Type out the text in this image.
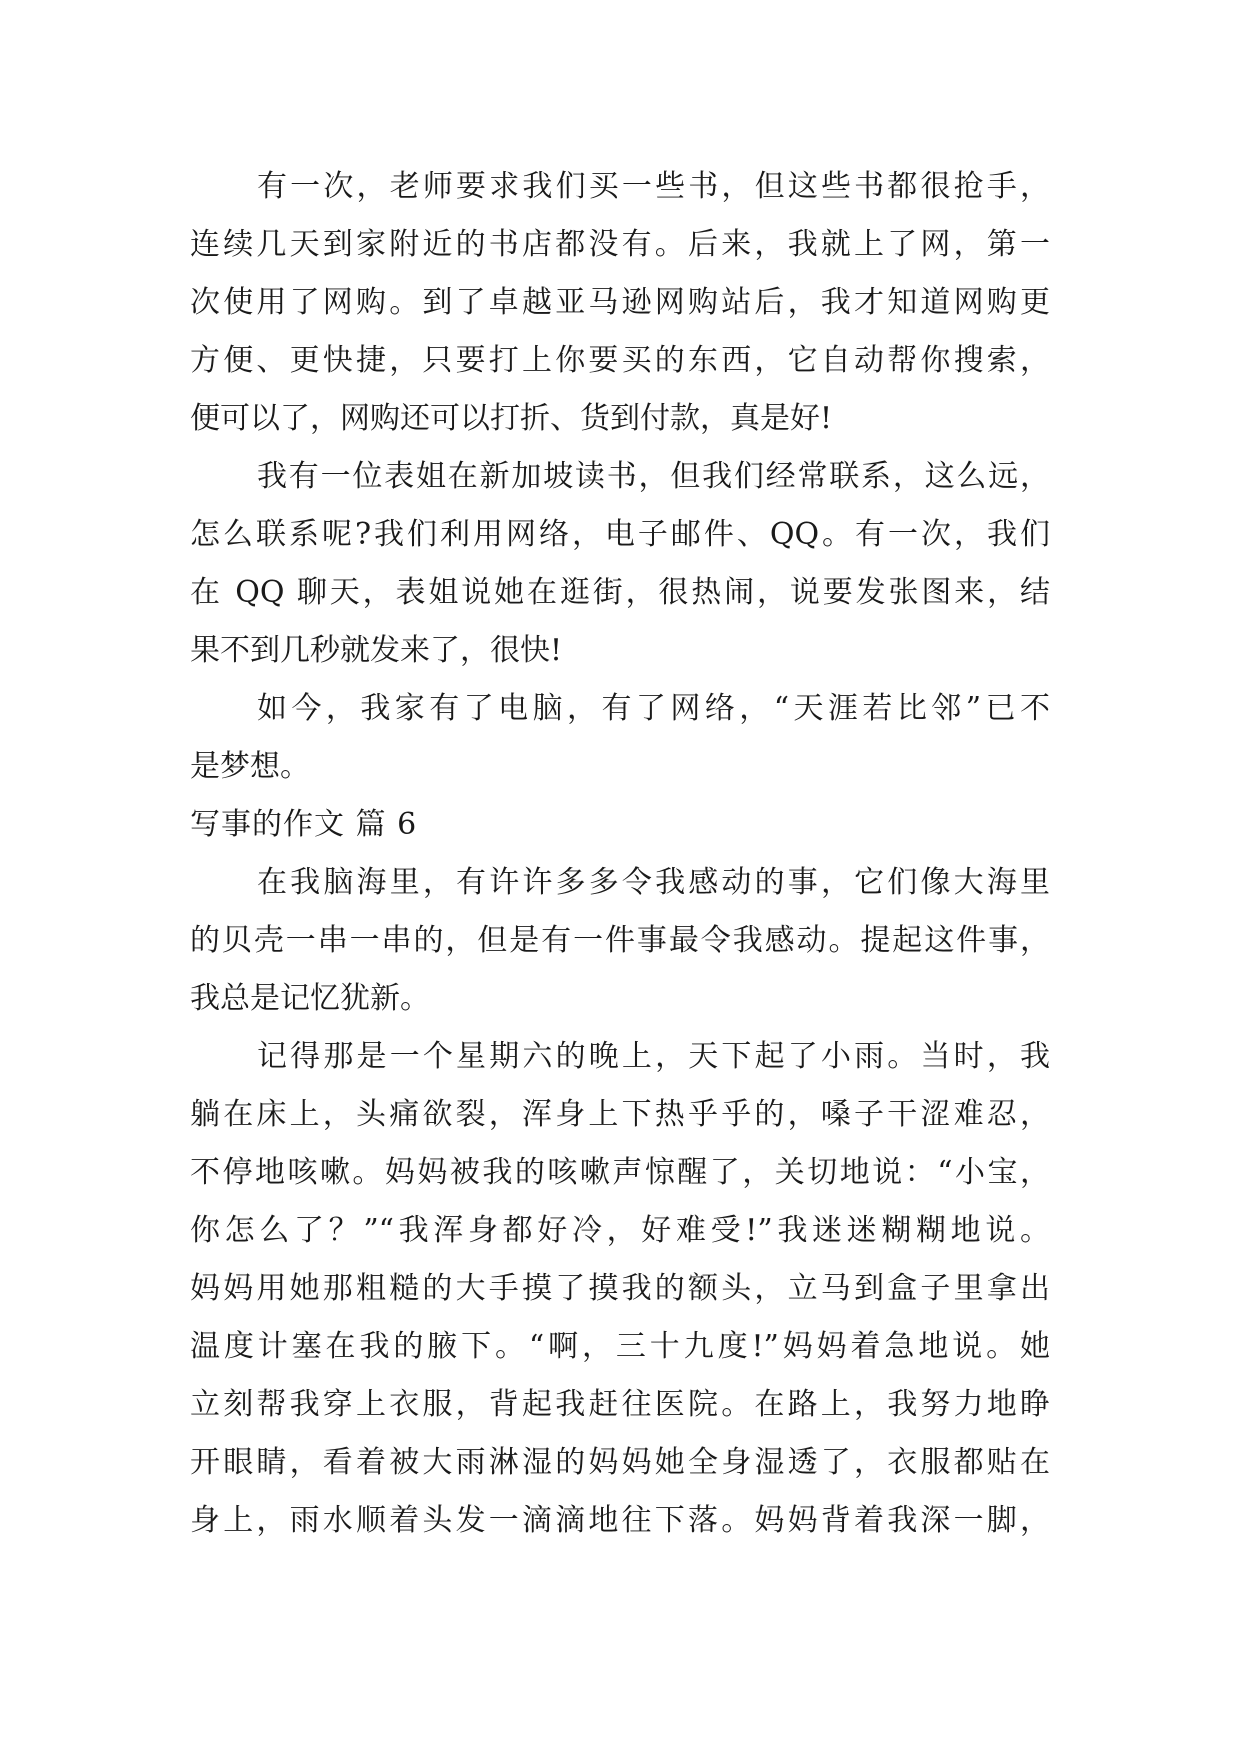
有一次，老师要求我们买一些书，但这些书都很抢手，
连续几天到家附近的书店都没有。后来，我就上了网，第一
次使用了网购。到了卓越亚马逊网购站后，我才知道网购更
方便、更快捷，只要打上你要买的东西，它自动帮你搜索，
便可以了，网购还可以打折、货到付款，真是好!
我有一位表姐在新加坡读书，但我们经常联系，这么远，
怎么联系呢?我们利用网络，电子邮件、QQ。有一次，我们
在 QQ 聊天，表姐说她在逛街，很热闹，说要发张图来，结
果不到几秒就发来了，很快!
如今，我家有了电脑，有了网络，“天涯若比邻”已不
是梦想。
写事的作文 篇 6
在我脑海里，有许许多多令我感动的事，它们像大海里
的贝壳一串一串的，但是有一件事最令我感动。提起这件事，
我总是记忆犹新。
记得那是一个星期六的晚上，天下起了小雨。当时，我
躺在床上，头痛欲裂，浑身上下热乎乎的，嗓子干涩难忍，
不停地咳嗽。妈妈被我的咳嗽声惊醒了，关切地说：“小宝，
你怎么了？”“我浑身都好冷，好难受!”我迷迷糊糊地说。
妈妈用她那粗糙的大手摸了摸我的额头，立马到盒子里拿出
温度计塞在我的腋下。“啊，三十九度!”妈妈着急地说。她
立刻帮我穿上衣服，背起我赶往医院。在路上，我努力地睁
开眼睛，看着被大雨淋湿的妈妈她全身湿透了，衣服都贴在
身上，雨水顺着头发一滴滴地往下落。妈妈背着我深一脚，
